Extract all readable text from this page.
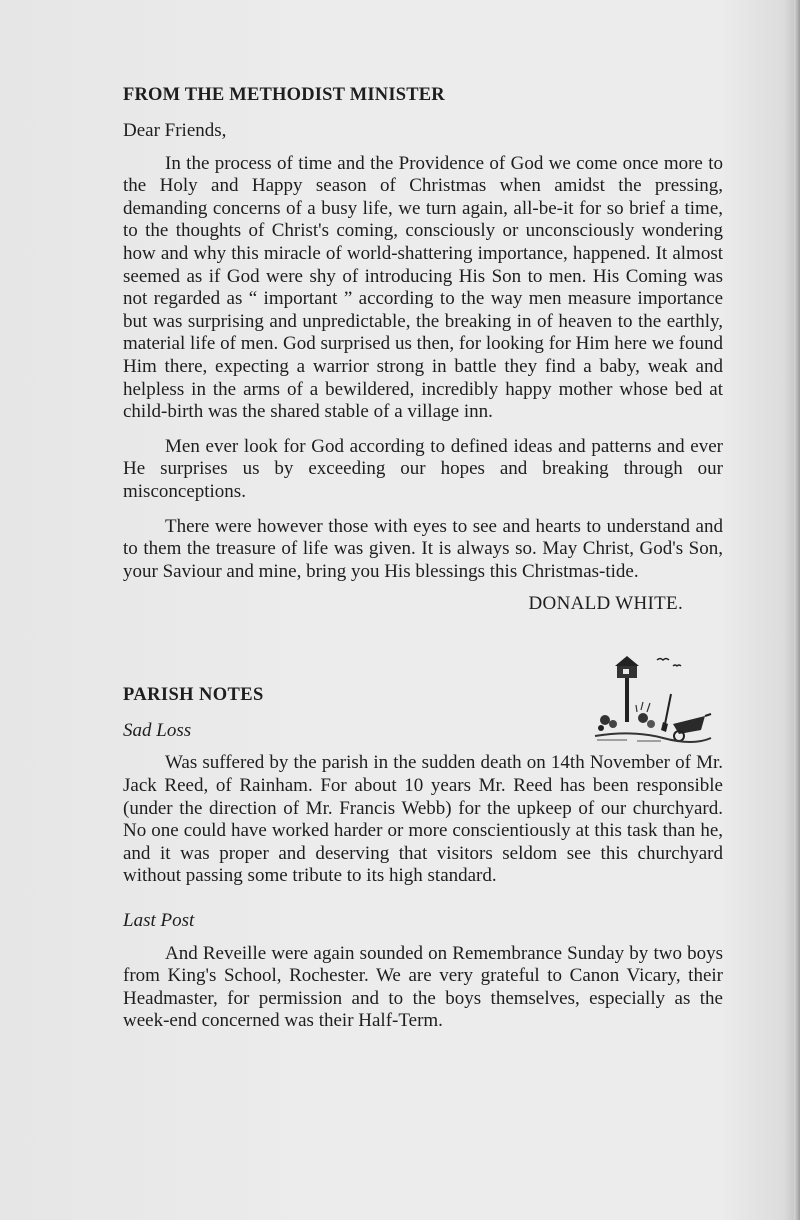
FROM THE METHODIST MINISTER

Dear Friends,

In the process of time and the Providence of God we come once more to the Holy and Happy season of Christmas when amidst the pressing, demanding concerns of a busy life, we turn again, all-be-it for so brief a time, to the thoughts of Christ's coming, consciously or unconsciously wondering how and why this miracle of world-shattering importance, happened. It almost seemed as if God were shy of introducing His Son to men. His Coming was not regarded as “ important ” according to the way men measure importance but was surprising and unpredictable, the breaking in of heaven to the earthly, material life of men. God surprised us then, for looking for Him here we found Him there, expecting a warrior strong in battle they find a baby, weak and helpless in the arms of a bewildered, incredibly happy mother whose bed at child-birth was the shared stable of a village inn.

Men ever look for God according to defined ideas and patterns and ever He surprises us by exceeding our hopes and breaking through our misconceptions.

There were however those with eyes to see and hearts to understand and to them the treasure of life was given. It is always so. May Christ, God's Son, your Saviour and mine, bring you His blessings this Christmas-tide.

DONALD WHITE.

PARISH NOTES

Sad Loss

Was suffered by the parish in the sudden death on 14th November of Mr. Jack Reed, of Rainham. For about 10 years Mr. Reed has been responsible (under the direction of Mr. Francis Webb) for the upkeep of our churchyard. No one could have worked harder or more conscientiously at this task than he, and it was proper and deserving that visitors seldom see this churchyard without passing some tribute to its high standard.

Last Post

And Reveille were again sounded on Remembrance Sunday by two boys from King's School, Rochester. We are very grateful to Canon Vicary, their Headmaster, for permission and to the boys themselves, especially as the week-end concerned was their Half-Term.
